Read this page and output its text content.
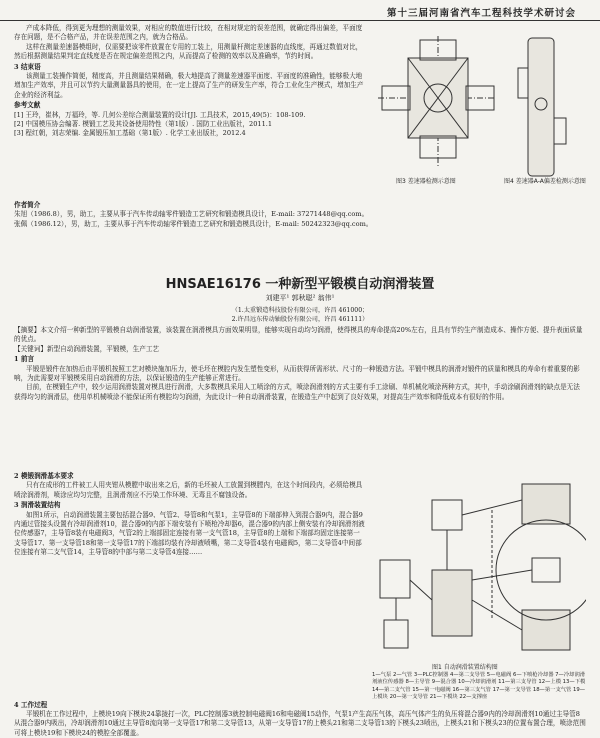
第十三届河南省汽车工程科技学术研讨会

产成本降低，得到更为理想的测量效果，对相应的数值进行比较，在相对规定的误差范围，就确定得出偏差，平面度存在问题，是不合格产品，并在误差范围之内，就为合格品。

这样在测量差速器模组时，仅需要把该零件放置在专用的工装上，用测量杆测定差速器的直线度，再通过数值对比，然后根据测量结果判定直线度是否在规定偏差范围之内，从而提高了检测的效率以及准确率，节约时间。

3 结束语

该测量工装操作简便，精度高，并且测量结果精确，极大地提高了测量差速器平面度、平面度的准确性，能够极大地增加生产效率，并且可以节约大量测量器具的使用，在一定上提高了生产的研发生产率，符合工业化生产模式，增加生产企业的经济利益。

参考文献

[1] 王玲，崔林，万福玲，等. 几何公差综合测量装置的设计[J]. 工具技术，2015,49(5)：108-109.

[2] 中国模压协会编著. 模锻工艺及其设备使用特性（第1版）. 国防工业出版社，2011.1

[3] 程红朝，刘志荣编. 金属锻压加工基础（第1版）. 化学工业出版社，2012.4

图3 差速器检测示意图	图4 差速器A-A偏差检测示意图
作者简介
朱旭（1986.8），男，助工，主要从事于汽车传动轴零件锻造工艺研究和锻造模具设计，E-mail: 37271448@qq.com。
张佩（1986.12），男，助工，主要从事于汽车传动轴零件锻造工艺研究和锻造模具设计，E-mail: 50242323@qq.com。
HNSAE16176 一种新型平锻模自动润滑装置
刘建平¹ 郭秋聪² 翁伟¹
（1.太重锻造科技股份有限公司，许昌 461000；
2.许昌远东传动轴股份有限公司，许昌 461111）
【摘要】本文介绍一种新型的平锻模自动润滑装置，该装置在润滑模具方面效果明显，能够实现自动均匀润滑，使得模具的寿命提高20%左右，且具有节约生产制造成本、操作方便、提升表面质量的优点。
【关键词】新型自动润滑装置，平锻模，生产工艺
1 前言
平锻是锻件在加热后由平锻机按照工艺对模块施加压力，使毛坯在模腔内发生塑性变形，从而获得所需形状、尺寸的一种锻造方法。平锻中模具的润滑对锻件的质量和模具的寿命有着重要的影响，为此需要对平锻模采用自动润滑的方法，以保证锻造的生产能够正常进行。
目前，在模锻生产中，较少运用润滑装置对模具进行润滑，大多数模具采用人工喷涂的方式，喷涂润滑剂的方式主要有手工涂刷、单机械化喷涂两种方式，其中，手动涂刷润滑剂的缺点是无法获得均匀的润滑层，使用单机械喷涂不能保证所有模腔均匀润滑，为此设计一种自动润滑装置，在锻造生产中起到了良好效果，对提高生产效率和降低成本有很好的作用。

2 模锻润滑基本要求

只有在成形的工件被工人用夹钳从模膛中取出来之后，新的毛坯被人工放置到模膛内，在这个时间段内，必须给模具喷涂润滑剂，喷涂应均匀完整，且润滑剂应不污染工作环境、无毒且不腐蚀设备。

3 润滑装置结构

如图1所示，自动润滑装置主要包括混合器9、气管2、导管8和气泵1，主导管8的下端部伸入到混合器9内，混合器9内通过管接头设置有冷却润滑剂10，混合器9的内部下端安装有下喷枪冷却器6，混合器9的内部上侧安装有冷却润滑剂液位传感器7，主导管8装有电磁阀3，气管2的上端部固定连接有第一支气管18，主导管8的上端和下端部均固定连接第一支导管17、第一支导管18和第一支导管17的下端部均装有冷却液喷嘴，第二支导管4装有电磁阀5，第二支导管4中间部位连接有第二支气管14，主导管8的中部与第二支导管4连接……

图1 自动润滑装置结构图
1—气泵 2—气管 3—PLC控制器 4—第二支导管 5—电磁阀 6—下喷枪冷却器 7—冷却润滑剂液位传感器 8—主导管 9—混合器 10—冷却润滑剂 11—第三支导管 12—上模 13—下模 14—第二支气管 15—第一电磁阀 16—第三支气管 17—第一支导管 18—第一支气管 19—上模块 20—第一支导管 21—下模块 22—支撑座

4 工作过程

平锻机在工作过程中，上模块19向下模块24靠拢打一次，PLC控制器3就控制电磁阀16和电磁阀15动作，气泵1产生高压气体，高压气体产生的负压将混合器9内的冷却润滑剂10通过主导管8从混合器9内吸出，冷却润滑剂10通过主导管8流向第一支导管17和第二支导管13，从第一支导管17的上模头21和第二支导管13的下模头23喷出，上模头21和下模头23的位置布置合理，喷涂范围可将上模块19和下模块24的模腔全部覆盖。
